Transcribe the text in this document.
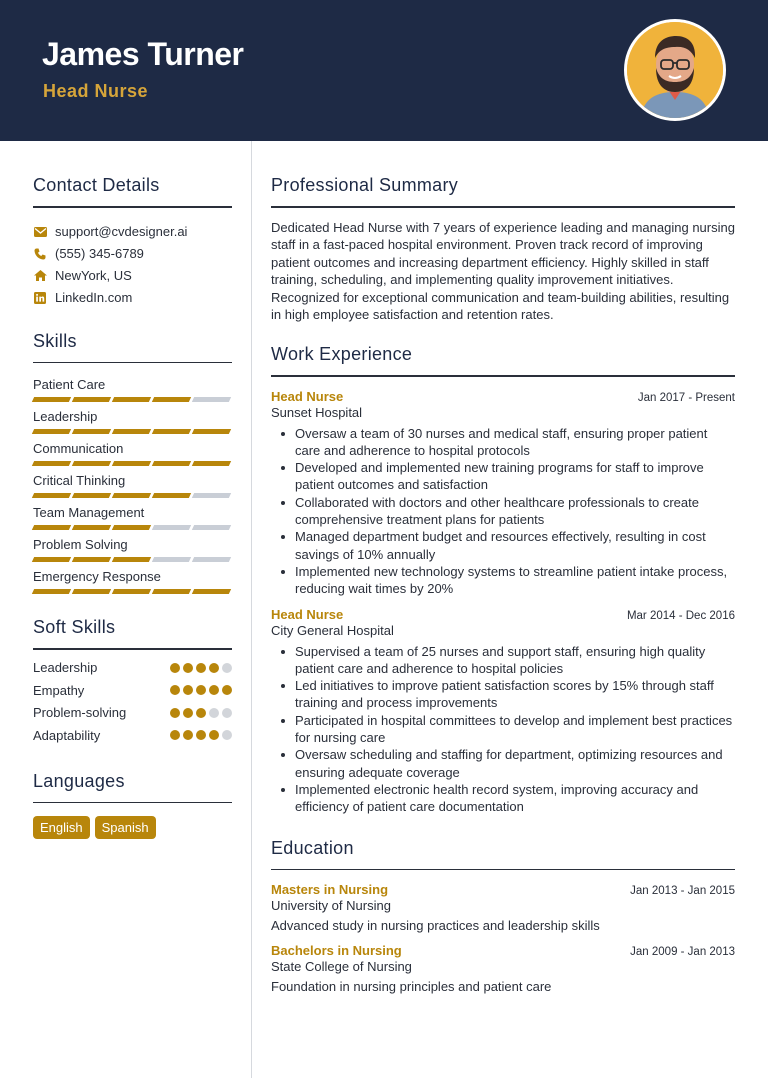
James Turner
Head Nurse
Contact Details
support@cvdesigner.ai
(555) 345-6789
NewYork, US
LinkedIn.com
Skills
Patient Care
Leadership
Communication
Critical Thinking
Team Management
Problem Solving
Emergency Response
Soft Skills
Leadership
Empathy
Problem-solving
Adaptability
Languages
English	Spanish
Professional Summary

Dedicated Head Nurse with 7 years of experience leading and managing nursing staff in a fast-paced hospital environment. Proven track record of improving patient outcomes and increasing department efficiency. Highly skilled in staff training, scheduling, and implementing quality improvement initiatives. Recognized for exceptional communication and team-building abilities, resulting in high employee satisfaction and retention rates.

Work Experience
Head Nurse	Jan 2017 - Present
Sunset Hospital
Oversaw a team of 30 nurses and medical staff, ensuring proper patient care and adherence to hospital protocols
Developed and implemented new training programs for staff to improve patient outcomes and satisfaction
Collaborated with doctors and other healthcare professionals to create comprehensive treatment plans for patients
Managed department budget and resources effectively, resulting in cost savings of 10% annually
Implemented new technology systems to streamline patient intake process, reducing wait times by 20%
Head Nurse	Mar 2014 - Dec 2016
City General Hospital
Supervised a team of 25 nurses and support staff, ensuring high quality patient care and adherence to hospital policies
Led initiatives to improve patient satisfaction scores by 15% through staff training and process improvements
Participated in hospital committees to develop and implement best practices for nursing care
Oversaw scheduling and staffing for department, optimizing resources and ensuring adequate coverage
Implemented electronic health record system, improving accuracy and efficiency of patient care documentation
Education
Masters in Nursing	Jan 2013 - Jan 2015
University of Nursing
Advanced study in nursing practices and leadership skills
Bachelors in Nursing	Jan 2009 - Jan 2013
State College of Nursing
Foundation in nursing principles and patient care
